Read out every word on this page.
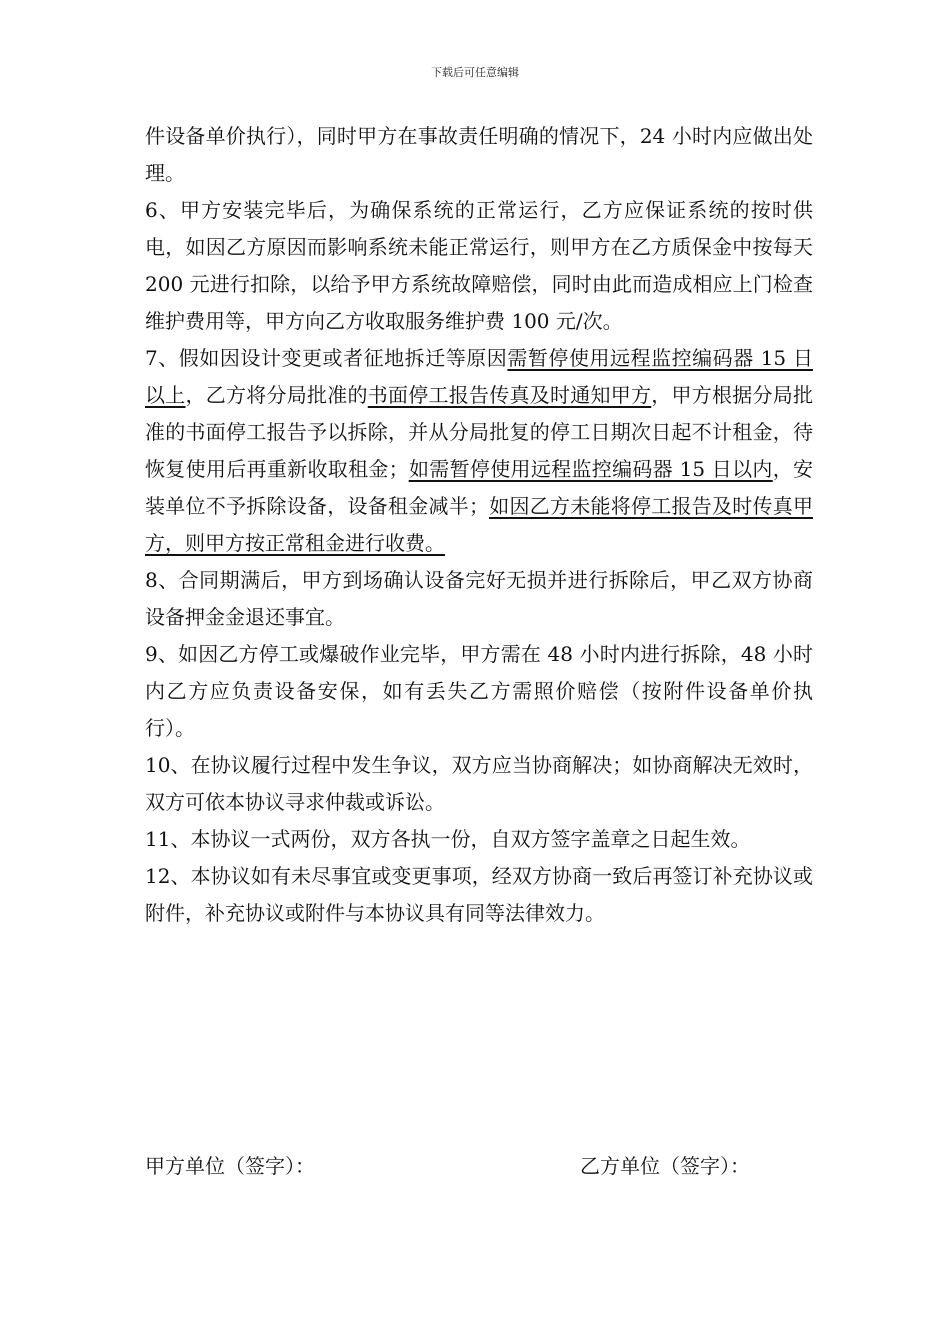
下载后可任意编辑

件设备单价执行），同时甲方在事故责任明确的情况下，24 小时内应做出处理。

6、甲方安装完毕后，为确保系统的正常运行，乙方应保证系统的按时供电，如因乙方原因而影响系统未能正常运行，则甲方在乙方质保金中按每天 200 元进行扣除，以给予甲方系统故障赔偿，同时由此而造成相应上门检查维护费用等，甲方向乙方收取服务维护费 100 元/次。

7、假如因设计变更或者征地拆迁等原因需暂停使用远程监控编码器 15 日以上，乙方将分局批准的书面停工报告传真及时通知甲方，甲方根据分局批准的书面停工报告予以拆除，并从分局批复的停工日期次日起不计租金，待恢复使用后再重新收取租金；如需暂停使用远程监控编码器 15 日以内，安装单位不予拆除设备，设备租金减半；如因乙方未能将停工报告及时传真甲方，则甲方按正常租金进行收费。

8、合同期满后，甲方到场确认设备完好无损并进行拆除后，甲乙双方协商设备押金金退还事宜。

9、如因乙方停工或爆破作业完毕，甲方需在 48 小时内进行拆除，48 小时内乙方应负责设备安保，如有丢失乙方需照价赔偿（按附件设备单价执行）。

10、在协议履行过程中发生争议，双方应当协商解决；如协商解决无效时，双方可依本协议寻求仲裁或诉讼。

11、本协议一式两份，双方各执一份，自双方签字盖章之日起生效。

12、本协议如有未尽事宜或变更事项，经双方协商一致后再签订补充协议或附件，补充协议或附件与本协议具有同等法律效力。

甲方单位（签字）：	乙方单位（签字）：
